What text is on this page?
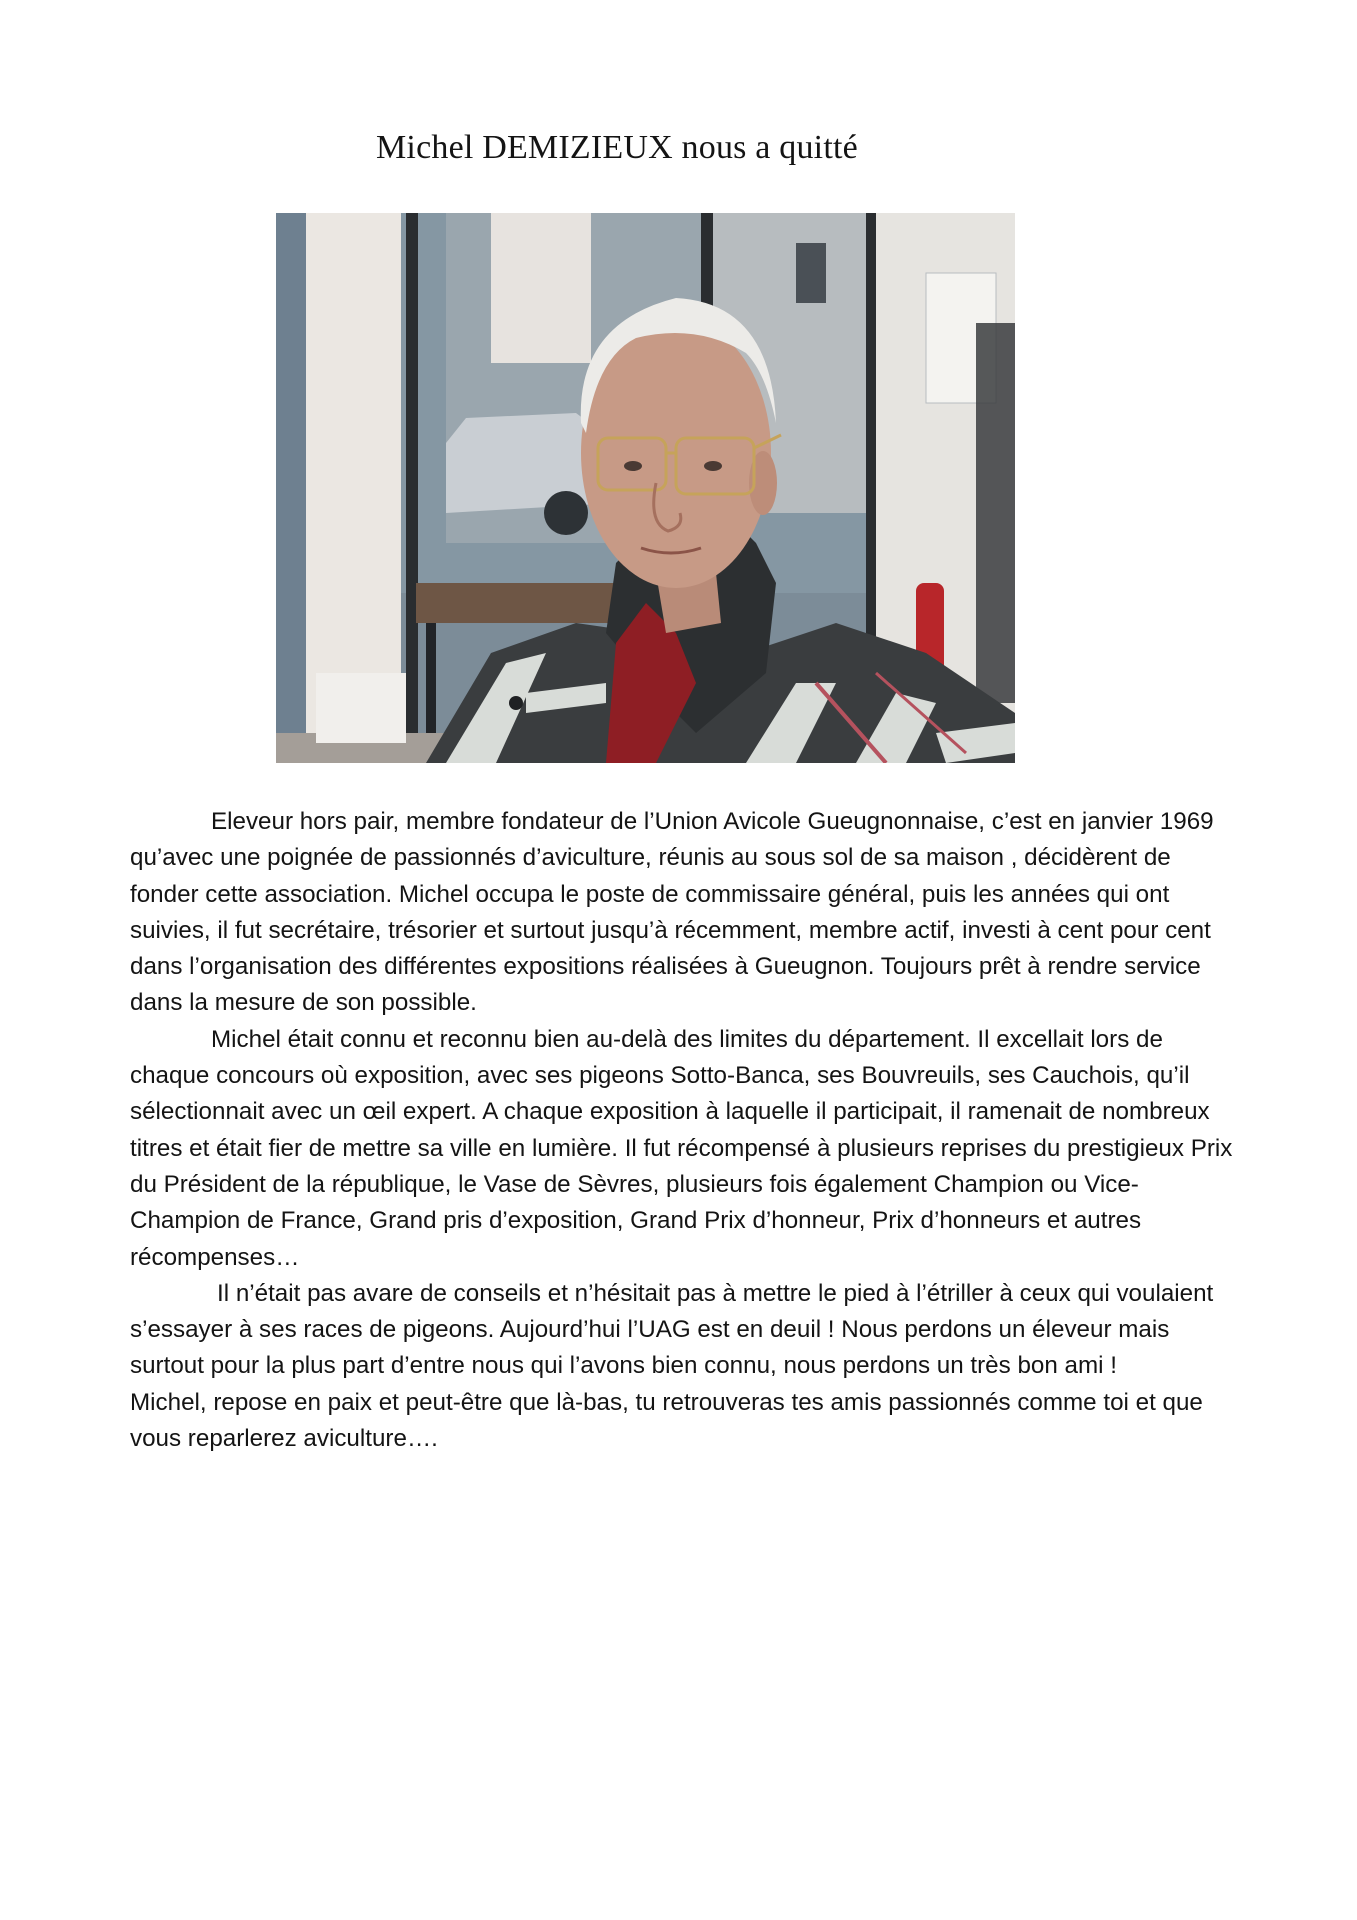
Michel DEMIZIEUX nous a quitté

Eleveur hors pair, membre fondateur de l’Union Avicole Gueugnonnaise, c’est en janvier 1969 qu’avec une poignée de passionnés d’aviculture, réunis au sous sol de sa maison , décidèrent de fonder cette association. Michel occupa le poste de commissaire général, puis les années qui ont suivies, il fut secrétaire, trésorier et surtout jusqu’à récemment, membre actif, investi à cent pour cent dans l’organisation des différentes expositions réalisées à Gueugnon. Toujours prêt à rendre service dans la mesure de son possible.

Michel était connu et reconnu bien au-delà des limites du département. Il excellait lors de chaque concours où exposition, avec ses pigeons Sotto-Banca, ses Bouvreuils, ses Cauchois, qu’il sélectionnait avec un œil expert. A chaque exposition à laquelle il participait, il ramenait de nombreux titres et était fier de mettre sa ville en lumière. Il fut récompensé à plusieurs reprises du prestigieux Prix du Président de la république, le Vase de Sèvres, plusieurs fois également Champion ou Vice-Champion de France, Grand pris d’exposition, Grand Prix d’honneur, Prix d’honneurs et autres récompenses…

Il n’était pas avare de conseils et n’hésitait pas à mettre le pied à l’étriller à ceux qui voulaient s’essayer à ses races de pigeons. Aujourd’hui l’UAG est en deuil ! Nous perdons un éleveur mais surtout pour la plus part d’entre nous qui l’avons bien connu, nous perdons un très bon ami !

Michel, repose en paix et peut-être que là-bas, tu retrouveras tes amis passionnés comme toi et que vous reparlerez aviculture….
